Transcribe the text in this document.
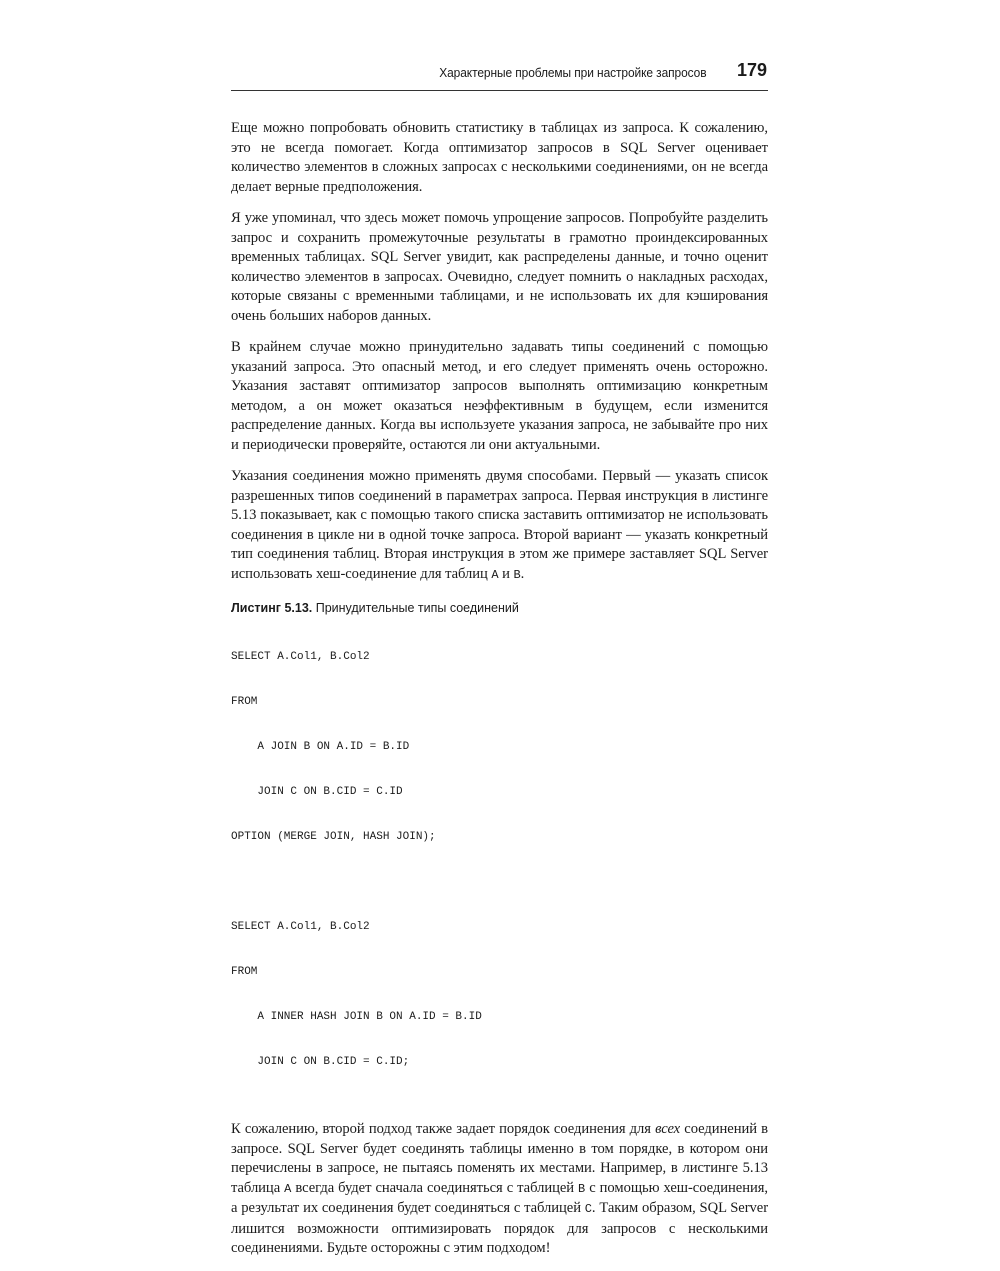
Характерные проблемы при настройке запросов 179

Еще можно попробовать обновить статистику в таблицах из запроса. К сожалению, это не всегда помогает. Когда оптимизатор запросов в SQL Server оценивает количество элементов в сложных запросах с несколькими соединениями, он не всегда делает верные предположения.

Я уже упоминал, что здесь может помочь упрощение запросов. Попробуйте разделить запрос и сохранить промежуточные результаты в грамотно проиндексированных временных таблицах. SQL Server увидит, как распределены данные, и точно оценит количество элементов в запросах. Очевидно, следует помнить о накладных расходах, которые связаны с временными таблицами, и не использовать их для кэширования очень больших наборов данных.

В крайнем случае можно принудительно задавать типы соединений с помощью указаний запроса. Это опасный метод, и его следует применять очень осторожно. Указания заставят оптимизатор запросов выполнять оптимизацию конкретным методом, а он может оказаться неэффективным в будущем, если изменится распределение данных. Когда вы используете указания запроса, не забывайте про них и периодически проверяйте, остаются ли они актуальными.

Указания соединения можно применять двумя способами. Первый — указать список разрешенных типов соединений в параметрах запроса. Первая инструкция в листинге 5.13 показывает, как с помощью такого списка заставить оптимизатор не использовать соединения в цикле ни в одной точке запроса. Второй вариант — указать конкретный тип соединения таблиц. Вторая инструкция в этом же примере заставляет SQL Server использовать хеш-соединение для таблиц A и B.

Листинг 5.13. Принудительные типы соединений

SELECT A.Col1, B.Col2

FROM

A JOIN B ON A.ID = B.ID

JOIN C ON B.CID = C.ID

OPTION (MERGE JOIN, HASH JOIN);

SELECT A.Col1, B.Col2

FROM

A INNER HASH JOIN B ON A.ID = B.ID

JOIN C ON B.CID = C.ID;

К сожалению, второй подход также задает порядок соединения для всех соединений в запросе. SQL Server будет соединять таблицы именно в том порядке, в котором они перечислены в запросе, не пытаясь поменять их местами. Например, в листинге 5.13 таблица A всегда будет сначала соединяться с таблицей B с помощью хеш-соединения, а результат их соединения будет соединяться с таблицей C. Таким образом, SQL Server лишится возможности оптимизировать порядок для запросов с несколькими соединениями. Будьте осторожны с этим подходом!
